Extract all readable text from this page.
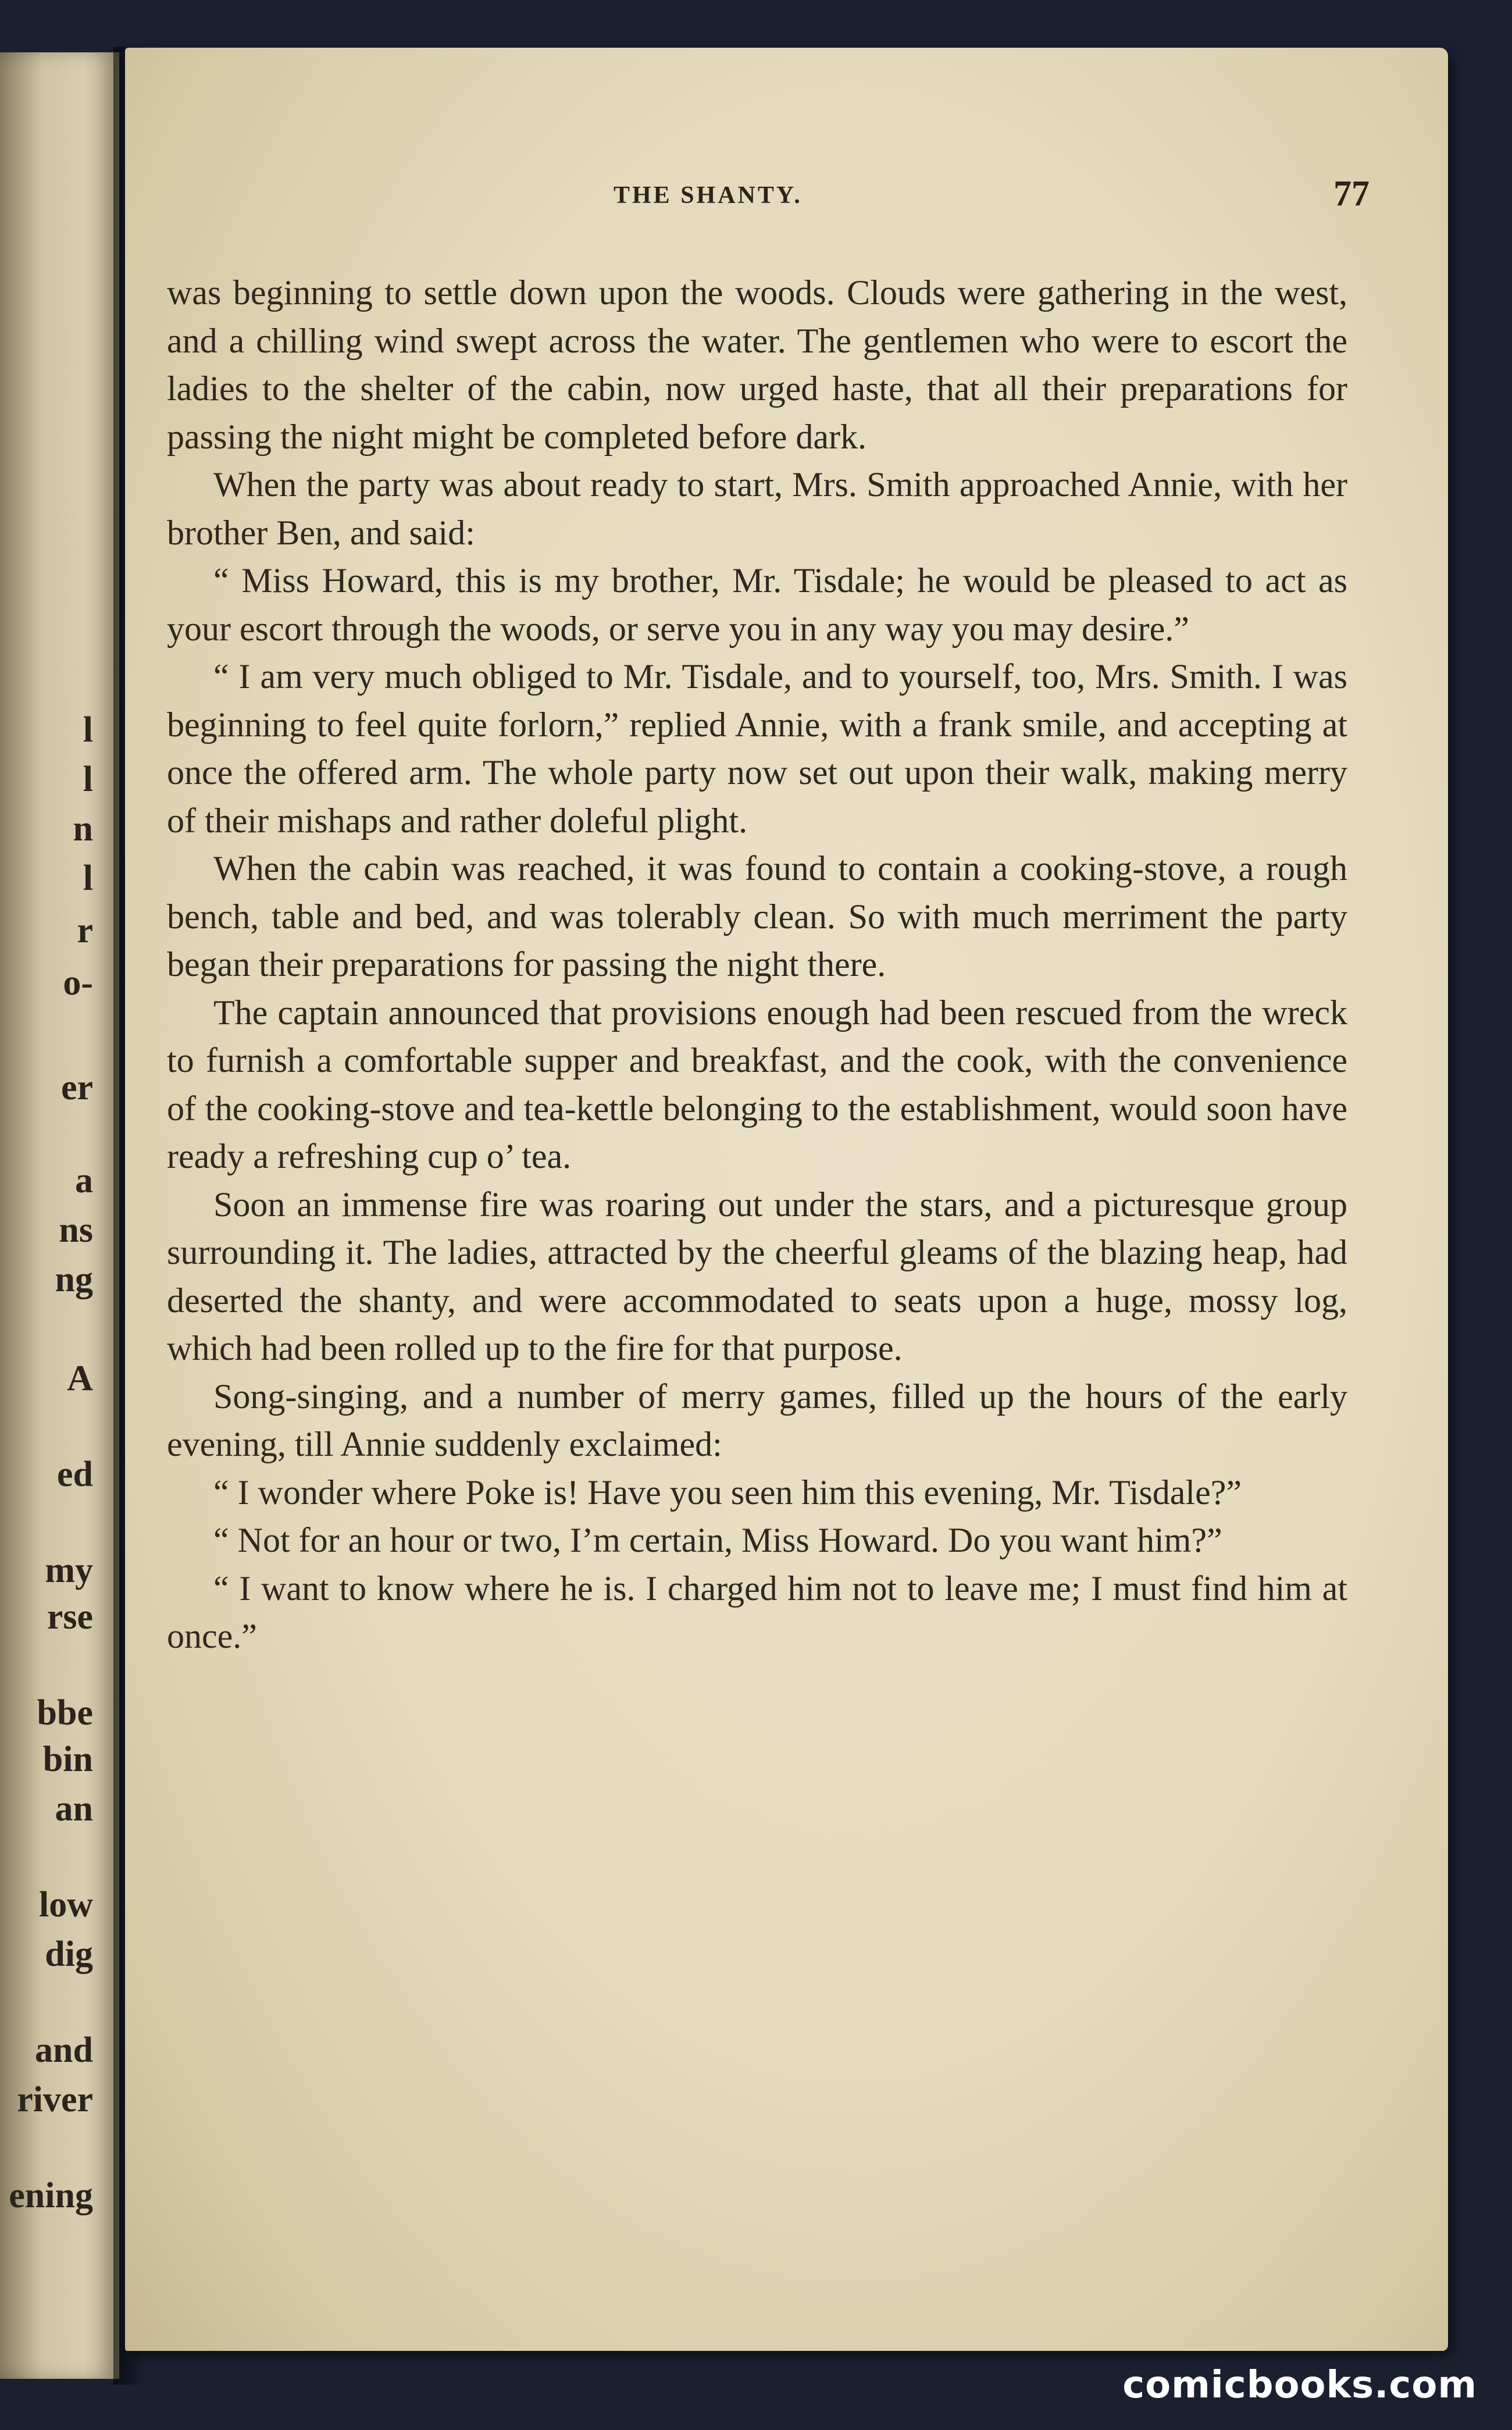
l
l
n
l
r
o-
er
a
ns
ng
A
ed
my
rse
bbe
bin
an
low
dig
and
river
ening
THE SHANTY.	77

was beginning to settle down upon the woods. Clouds were gathering in the west, and a chilling wind swept across the water. The gentlemen who were to escort the ladies to the shelter of the cabin, now urged haste, that all their preparations for passing the night might be completed before dark.

When the party was about ready to start, Mrs. Smith approached Annie, with her brother Ben, and said:

“ Miss Howard, this is my brother, Mr. Tisdale; he would be pleased to act as your escort through the woods, or serve you in any way you may desire.”

“ I am very much obliged to Mr. Tisdale, and to yourself, too, Mrs. Smith. I was beginning to feel quite forlorn,” replied Annie, with a frank smile, and accepting at once the offered arm. The whole party now set out upon their walk, making merry of their mishaps and rather doleful plight.

When the cabin was reached, it was found to contain a cooking-stove, a rough bench, table and bed, and was tolerably clean. So with much merriment the party began their preparations for passing the night there.

The captain announced that provisions enough had been rescued from the wreck to furnish a comfortable supper and breakfast, and the cook, with the convenience of the cooking-stove and tea-kettle belonging to the establishment, would soon have ready a refreshing cup o’ tea.

Soon an immense fire was roaring out under the stars, and a picturesque group surrounding it. The ladies, attracted by the cheerful gleams of the blazing heap, had deserted the shanty, and were accommodated to seats upon a huge, mossy log, which had been rolled up to the fire for that purpose.

Song-singing, and a number of merry games, filled up the hours of the early evening, till Annie suddenly exclaimed:

“ I wonder where Poke is! Have you seen him this evening, Mr. Tisdale?”

“ Not for an hour or two, I’m certain, Miss Howard. Do you want him?”

“ I want to know where he is. I charged him not to leave me; I must find him at once.”

comicbooks.com
